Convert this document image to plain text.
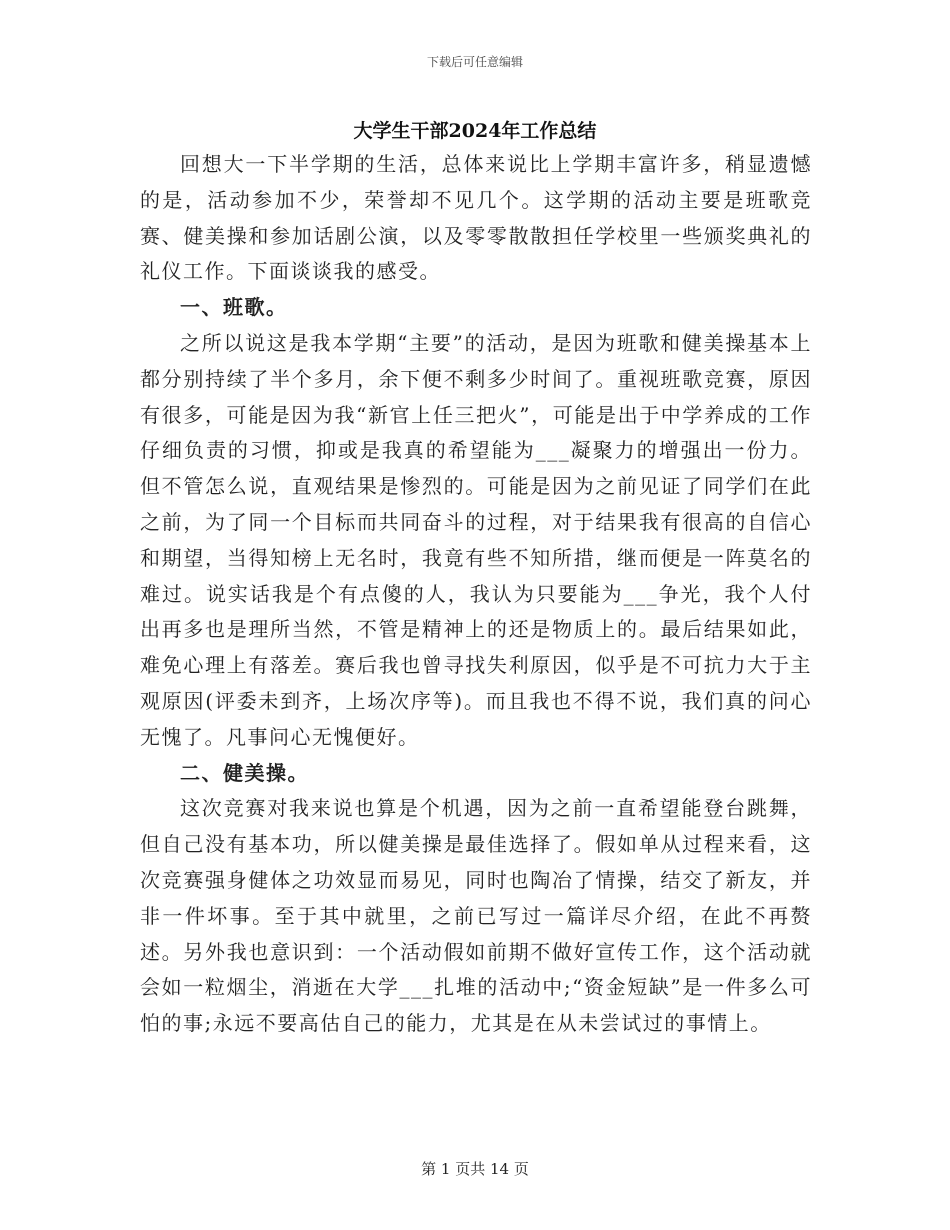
下载后可任意编辑
大学生干部2024年工作总结

回想大一下半学期的生活，总体来说比上学期丰富许多，稍显遗憾的是，活动参加不少，荣誉却不见几个。这学期的活动主要是班歌竞赛、健美操和参加话剧公演，以及零零散散担任学校里一些颁奖典礼的礼仪工作。下面谈谈我的感受。

一、班歌。

之所以说这是我本学期“主要”的活动，是因为班歌和健美操基本上都分别持续了半个多月，余下便不剩多少时间了。重视班歌竞赛，原因有很多，可能是因为我“新官上任三把火”，可能是出于中学养成的工作仔细负责的习惯，抑或是我真的希望能为___凝聚力的增强出一份力。但不管怎么说，直观结果是惨烈的。可能是因为之前见证了同学们在此之前，为了同一个目标而共同奋斗的过程，对于结果我有很高的自信心和期望，当得知榜上无名时，我竟有些不知所措，继而便是一阵莫名的难过。说实话我是个有点傻的人，我认为只要能为___争光，我个人付出再多也是理所当然，不管是精神上的还是物质上的。最后结果如此，难免心理上有落差。赛后我也曾寻找失利原因，似乎是不可抗力大于主观原因(评委未到齐，上场次序等)。而且我也不得不说，我们真的问心无愧了。凡事问心无愧便好。

二、健美操。

这次竞赛对我来说也算是个机遇，因为之前一直希望能登台跳舞，但自己没有基本功，所以健美操是最佳选择了。假如单从过程来看，这次竞赛强身健体之功效显而易见，同时也陶冶了情操，结交了新友，并非一件坏事。至于其中就里，之前已写过一篇详尽介绍，在此不再赘述。另外我也意识到：一个活动假如前期不做好宣传工作，这个活动就会如一粒烟尘，消逝在大学___扎堆的活动中;“资金短缺”是一件多么可怕的事;永远不要高估自己的能力，尤其是在从未尝试过的事情上。

第 1 页共 14 页
